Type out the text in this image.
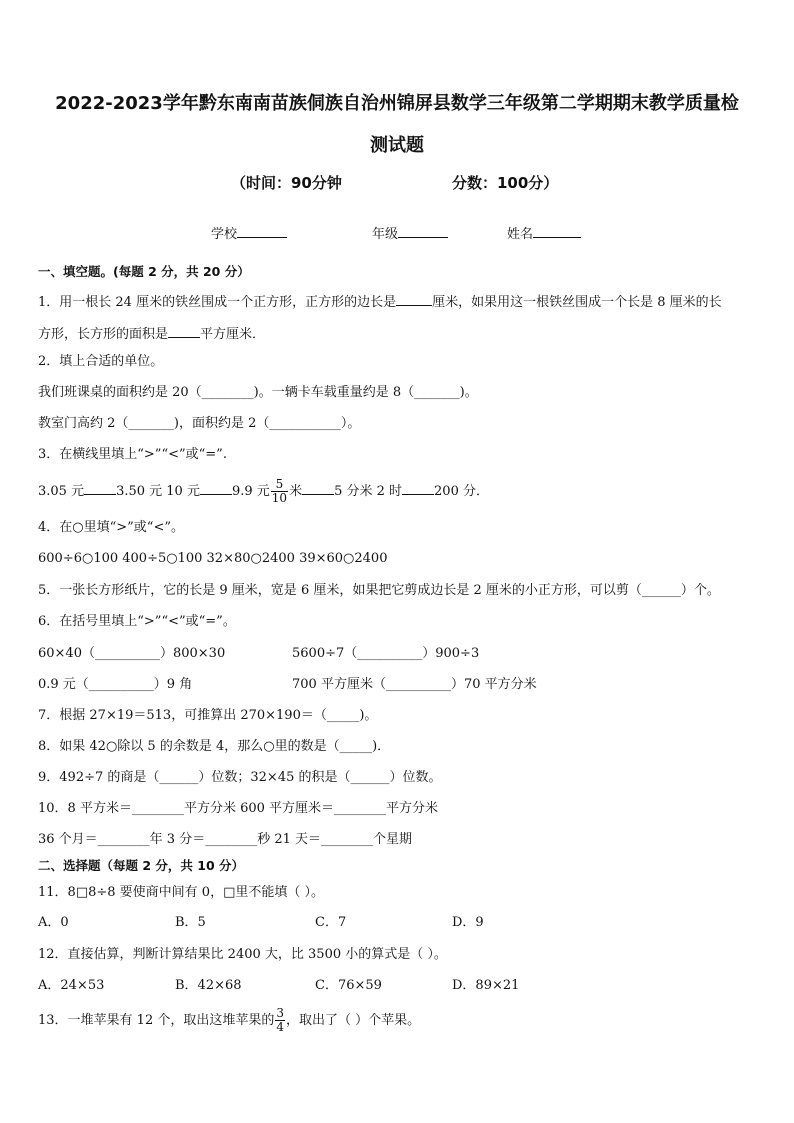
2022-2023学年黔东南南苗族侗族自治州锦屏县数学三年级第二学期期末教学质量检
测试题
（时间：90分钟	分数：100分）
学校	年级	姓名
一、填空题。(每题 2 分，共 20 分）
1．用一根长 24 厘米的铁丝围成一个正方形，正方形的边长是	厘米，如果用这一根铁丝围成一个长是 8 厘米的长
方形，长方形的面积是 平方厘米．
2．填上合适的单位。
我们班课桌的面积约是 20（________)。一辆卡车载重量约是 8（_______)。
教室门高约 2（_______)，面积约是 2（___________）。
3．在横线里填上“>”“<”或“=”.
3.05 元 3.50 元 10 元 9.9 元 $\frac{5}{10}$ 米 5 分米 2 时 200 分．
4．在○里填“>”或“<”。
600÷6○100 400÷5○100 32×80○2400 39×60○2400
5．一张长方形纸片，它的长是 9 厘米，宽是 6 厘米，如果把它剪成边长是 2 厘米的小正方形，可以剪（______）个。
6．在括号里填上“>”“<”或“=”。
60×40（__________）800×30	5600÷7（__________）900÷3
0.9 元（__________）9 角	700 平方厘米（__________）70 平方分米
7．根据 27×19＝513，可推算出 270×190＝（_____)。
8．如果 42○除以 5 的余数是 4，那么○里的数是（_____)．
9．492÷7 的商是（______）位数；32×45 的积是（______）位数。
10．8 平方米＝________平方分米 600 平方厘米＝________平方分米
36 个月＝________年 3 分＝________秒 21 天＝________个星期
二、选择题（每题 2 分，共 10 分）
11．8□8÷8 要使商中间有 0，□里不能填（ ）。
A．0	B．5	C．7	D．9
12．直接估算，判断计算结果比 2400 大，比 3500 小的算式是（ ）。
A．24×53	B．42×68	C．76×59	D．89×21
13．一堆苹果有 12 个，取出这堆苹果的 $\frac{3}{4}$ ，取出了（ ）个苹果。
